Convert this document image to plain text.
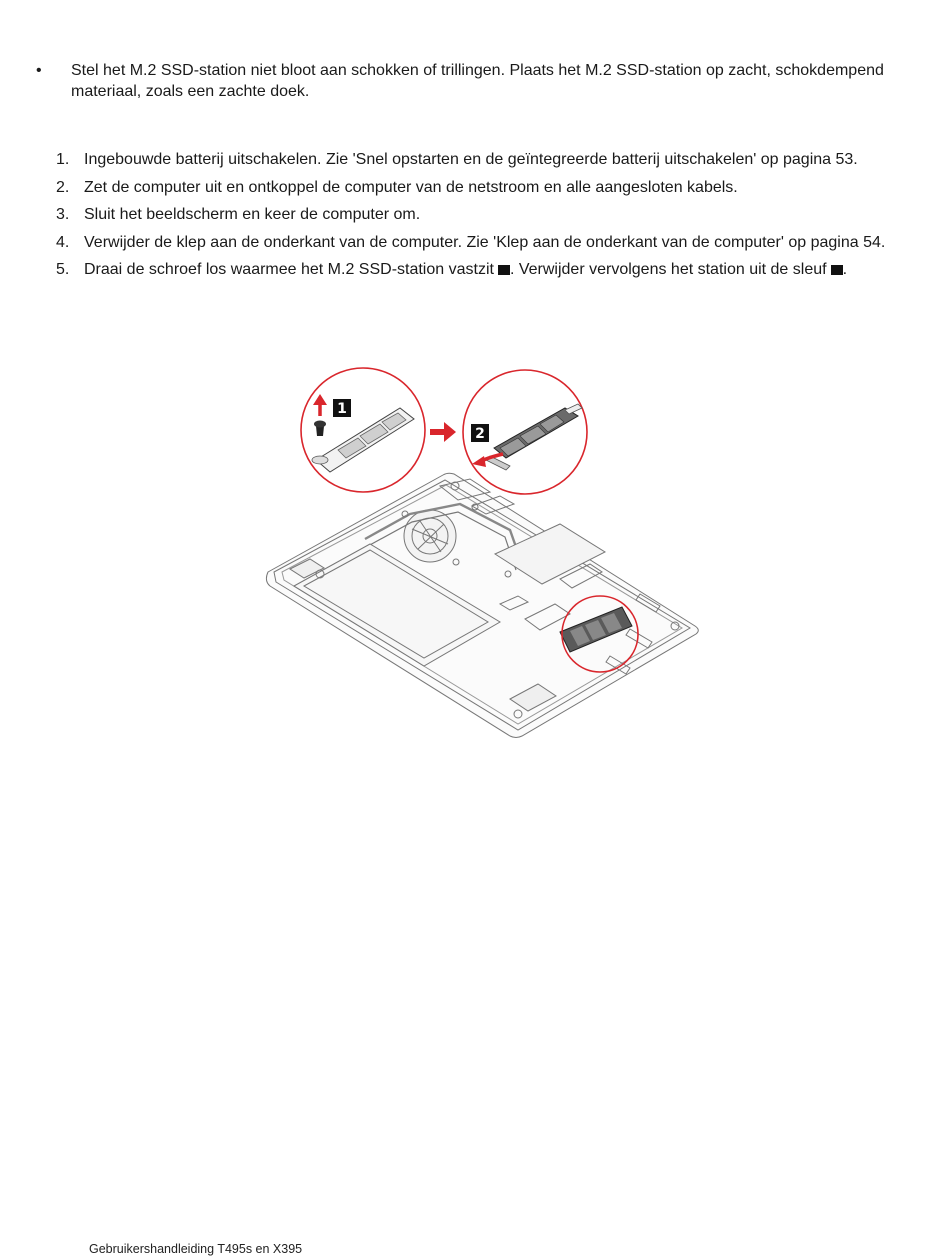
•	Stel het M.2 SSD-station niet bloot aan schokken of trillingen. Plaats het M.2 SSD-station op zacht, schokdempend materiaal, zoals een zachte doek.
1. Ingebouwde batterij uitschakelen. Zie 'Snel opstarten en de geïntegreerde batterij uitschakelen' op pagina 53.
2. Zet de computer uit en ontkoppel de computer van de netstroom en alle aangesloten kabels.
3. Sluit het beeldscherm en keer de computer om.
4. Verwijder de klep aan de onderkant van de computer. Zie 'Klep aan de onderkant van de computer' op pagina 54.
5. Draai de schroef los waarmee het M.2 SSD-station vastzit . Verwijder vervolgens het station uit de sleuf .
1
2
Gebruikershandleiding T495s en X395
